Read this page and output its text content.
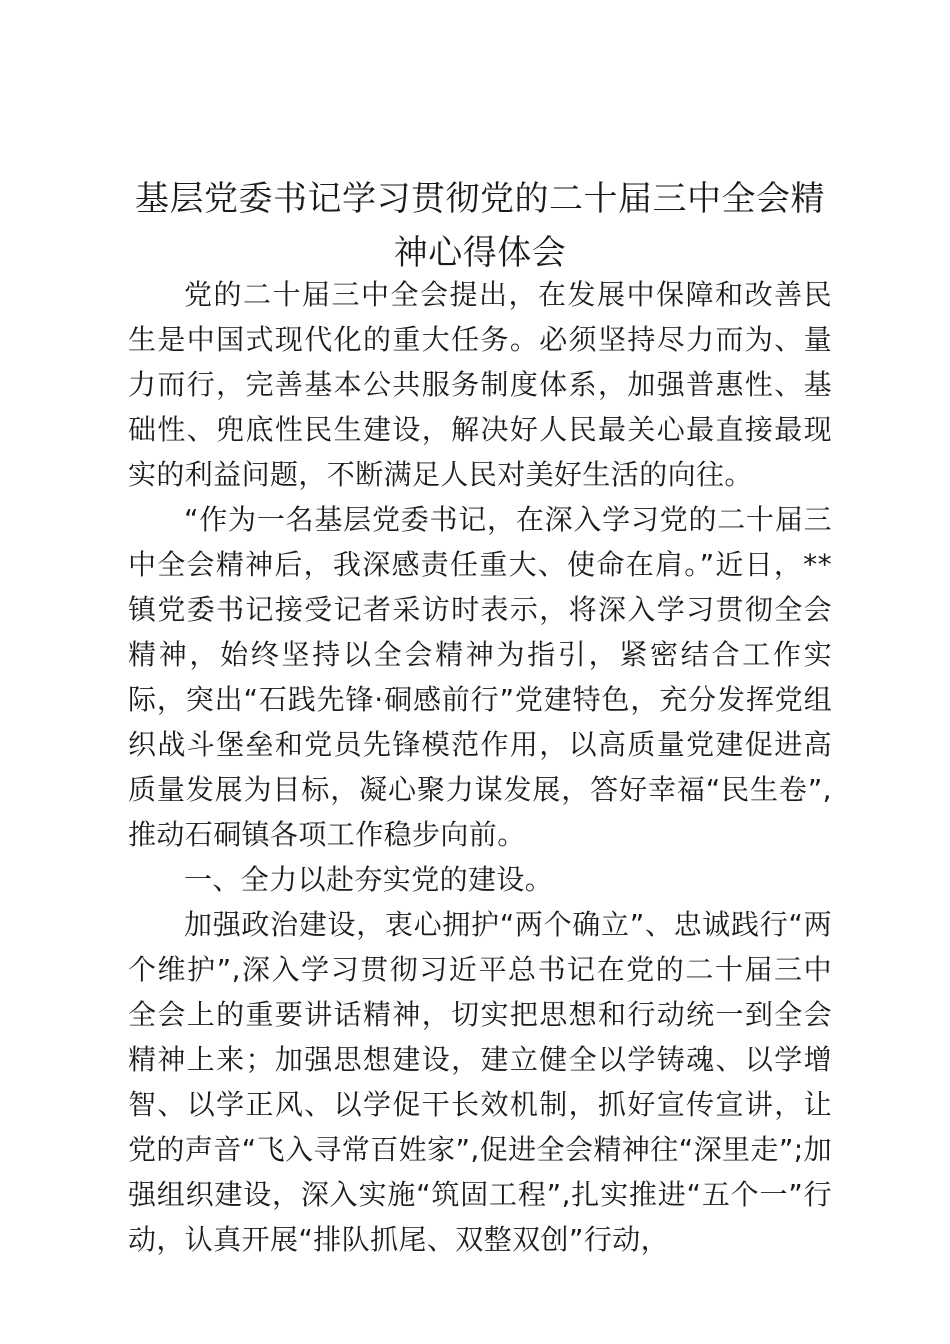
基层党委书记学习贯彻党的二十届三中全会精神心得体会

党的二十届三中全会提出，在发展中保障和改善民生是中国式现代化的重大任务。必须坚持尽力而为、量力而行，完善基本公共服务制度体系，加强普惠性、基础性、兜底性民生建设，解决好人民最关心最直接最现实的利益问题，不断满足人民对美好生活的向往。

“作为一名基层党委书记，在深入学习党的二十届三中全会精神后，我深感责任重大、使命在肩。”近日，**镇党委书记接受记者采访时表示，将深入学习贯彻全会精神，始终坚持以全会精神为指引，紧密结合工作实际，突出“石践先锋·硐感前行”党建特色，充分发挥党组织战斗堡垒和党员先锋模范作用，以高质量党建促进高质量发展为目标，凝心聚力谋发展，答好幸福“民生卷”,推动石硐镇各项工作稳步向前。

一、全力以赴夯实党的建设。

加强政治建设，衷心拥护“两个确立”、忠诚践行“两个维护”,深入学习贯彻习近平总书记在党的二十届三中全会上的重要讲话精神，切实把思想和行动统一到全会精神上来；加强思想建设，建立健全以学铸魂、以学增智、以学正风、以学促干长效机制，抓好宣传宣讲，让党的声音“飞入寻常百姓家”,促进全会精神往“深里走”;加强组织建设，深入实施“筑固工程”,扎实推进“五个一”行动，认真开展“排队抓尾、双整双创”行动，
